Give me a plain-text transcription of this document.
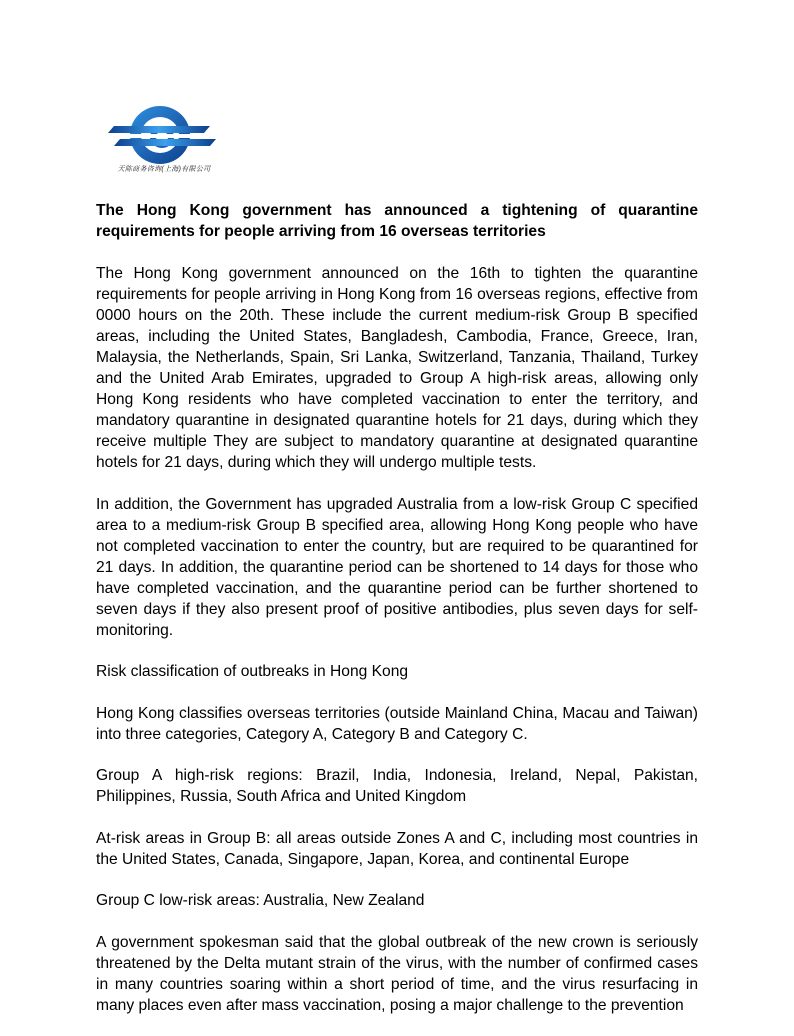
天陈商务咨询(上海)有限公司
The Hong Kong government has announced a tightening of quarantine requirements for people arriving from 16 overseas territories
The Hong Kong government announced on the 16th to tighten the quarantine requirements for people arriving in Hong Kong from 16 overseas regions, effective from 0000 hours on the 20th. These include the current medium-risk Group B specified areas, including the United States, Bangladesh, Cambodia, France, Greece, Iran, Malaysia, the Netherlands, Spain, Sri Lanka, Switzerland, Tanzania, Thailand, Turkey and the United Arab Emirates, upgraded to Group A high-risk areas, allowing only Hong Kong residents who have completed vaccination to enter the territory, and mandatory quarantine in designated quarantine hotels for 21 days, during which they receive multiple They are subject to mandatory quarantine at designated quarantine hotels for 21 days, during which they will undergo multiple tests.
In addition, the Government has upgraded Australia from a low-risk Group C specified area to a medium-risk Group B specified area, allowing Hong Kong people who have not completed vaccination to enter the country, but are required to be quarantined for 21 days. In addition, the quarantine period can be shortened to 14 days for those who have completed vaccination, and the quarantine period can be further shortened to seven days if they also present proof of positive antibodies, plus seven days for self-monitoring.
Risk classification of outbreaks in Hong Kong
Hong Kong classifies overseas territories (outside Mainland China, Macau and Taiwan) into three categories, Category A, Category B and Category C.
Group A high-risk regions: Brazil, India, Indonesia, Ireland, Nepal, Pakistan, Philippines, Russia, South Africa and United Kingdom
At-risk areas in Group B: all areas outside Zones A and C, including most countries in the United States, Canada, Singapore, Japan, Korea, and continental Europe
Group C low-risk areas: Australia, New Zealand
A government spokesman said that the global outbreak of the new crown is seriously threatened by the Delta mutant strain of the virus, with the number of confirmed cases in many countries soaring within a short period of time, and the virus resurfacing in many places even after mass vaccination, posing a major challenge to the prevention
